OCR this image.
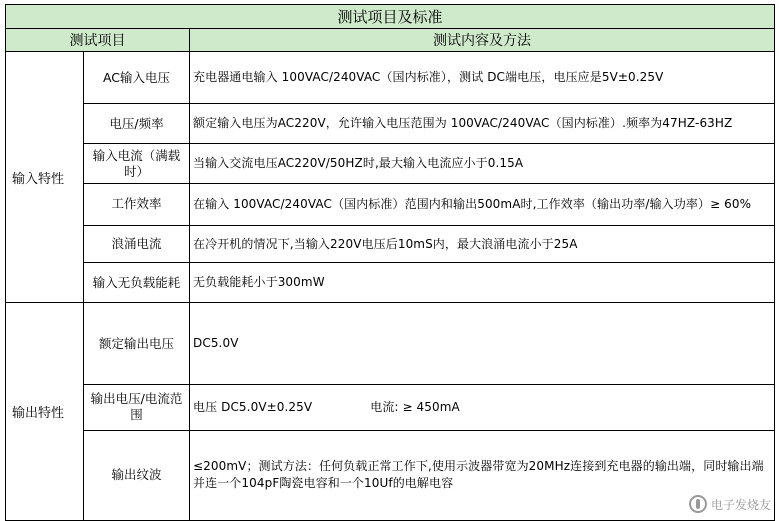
测试项目及标准		
测试项目		测试内容及方法
输入特性	AC输入电压	充电器通电输入 100VAC/240VAC（国内标准），测试 DC端电压，电压应是5V±0.25V
	电压/频率	额定输入电压为AC220V，允许输入电压范围为 100VAC/240VAC（国内标准）.频率为47HZ-63HZ
	输入电流（满载时）	当输入交流电压AC220V/50HZ时,最大输入电流应小于0.15A
	工作效率	在输入 100VAC/240VAC（国内标准）范围内和输出500mA时,工作效率（输出功率/输入功率）≥ 60%
	浪涌电流	在冷开机的情况下,当输入220V电压后10mS内，最大浪涌电流小于25A
	输入无负载能耗	无负载能耗小于300mW
输出特性	额定输出电压	DC5.0V
	输出电压/电流范围	电压 DC5.0V±0.25V 电流: ≥ 450mA
	输出纹波	≤200mV；测试方法：任何负载正常工作下,使用示波器带宽为20MHz连接到充电器的输出端，同时输出端并连一个104pF陶瓷电容和一个10Uf的电解电容
电子发烧友
